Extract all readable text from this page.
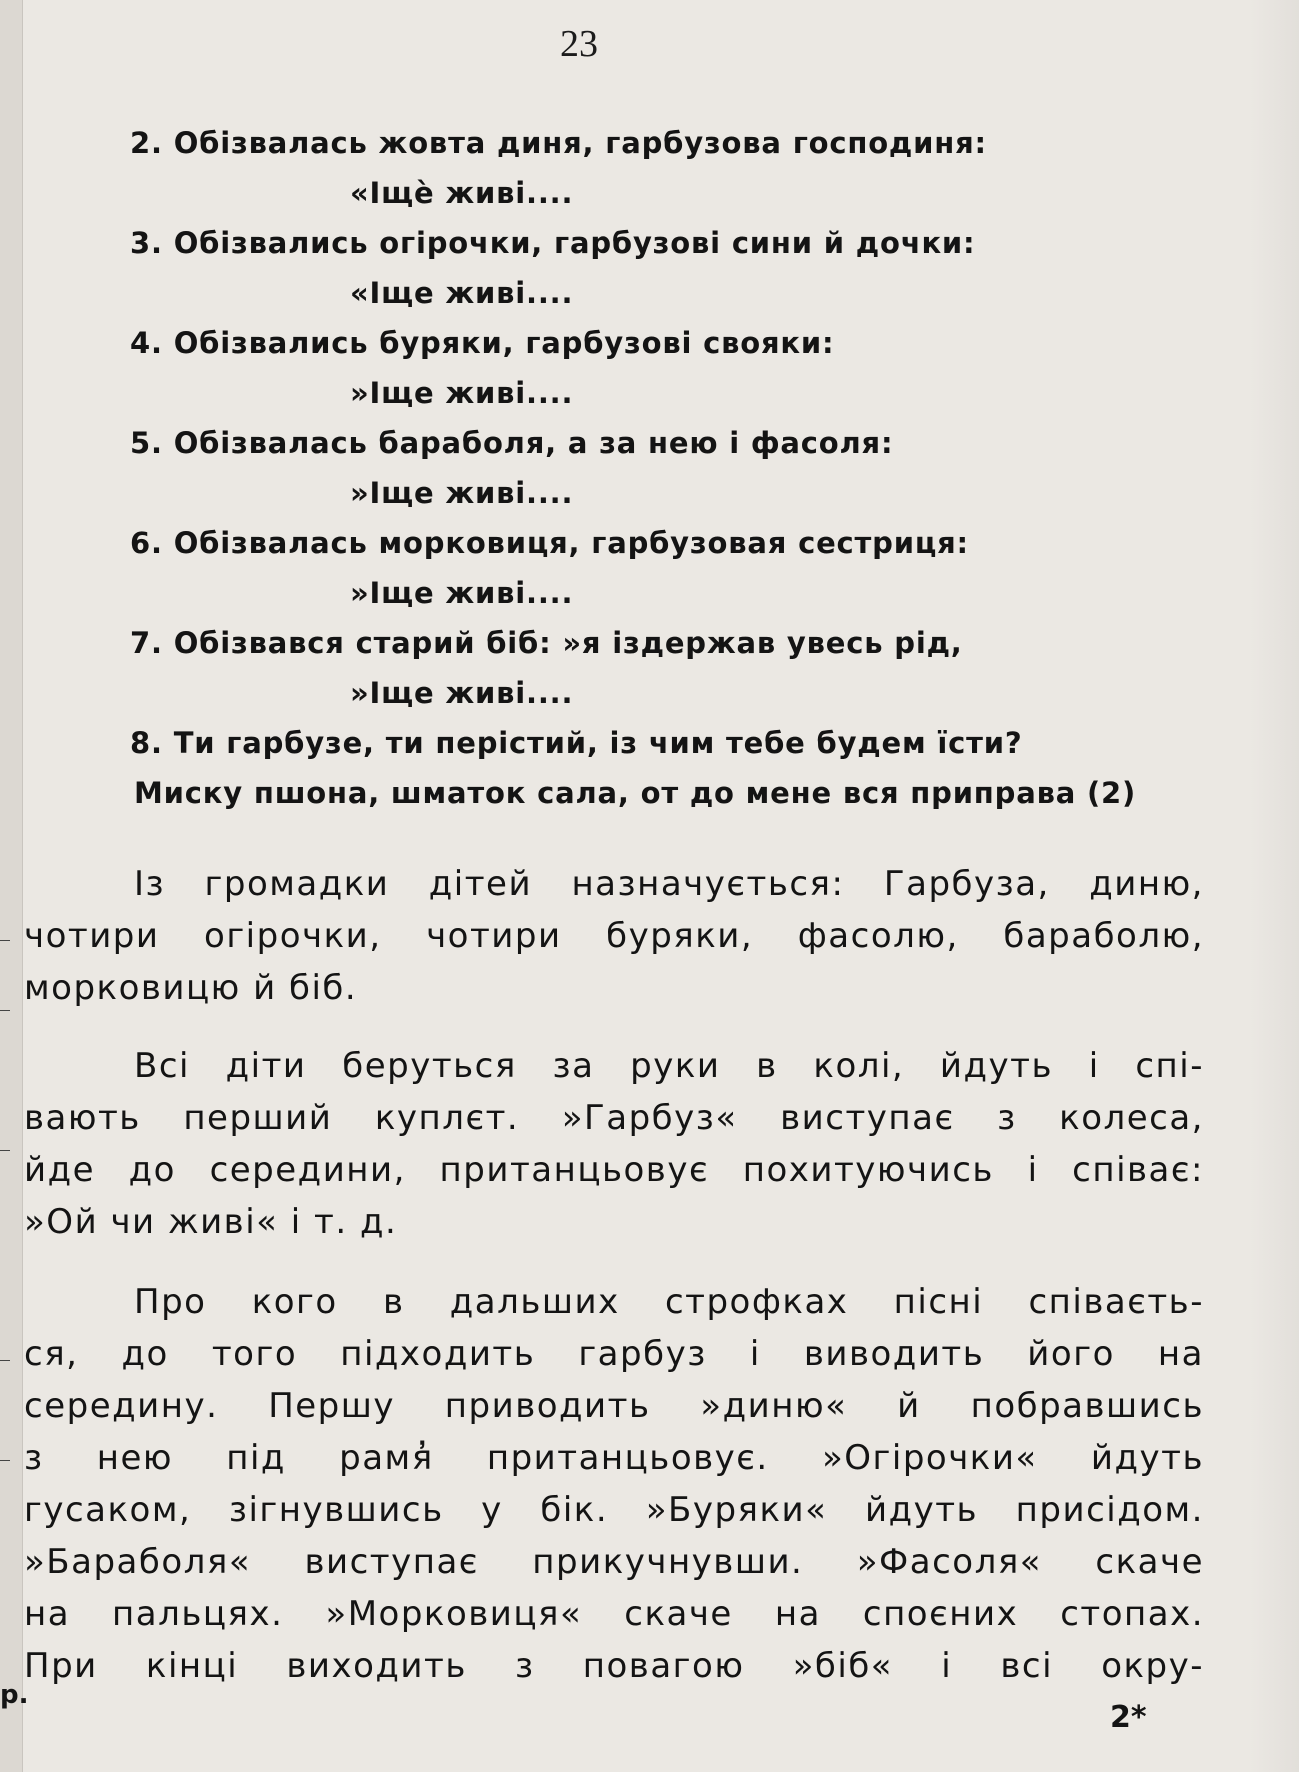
р.
23
2. Обізвалась жовта диня, гарбузова господиня:
«Іщѐ живі....
3. Обізвались огірочки, гарбузові сини й дочки:
«Іще живі....
4. Обізвались буряки, гарбузові свояки:
»Іще живі....
5. Обізвалась бараболя, а за нею і фасоля:
»Іще живі....
6. Обізвалась морковиця, гарбузовая сестриця:
»Іще живі....
7. Обізвався старий біб: »я іздержав увесь рід,
»Іще живі....
8. Ти гарбузе, ти перістий, із чим тебе будем їсти?
Миску пшона, шматок сала, от до мене вся приправа (2)
Із громадки дітей назначується: Гарбуза, диню,
чотири огірочки, чотири буряки, фасолю, бараболю,
морковицю й біб.
Всі діти беруться за руки в колі, йдуть і спі-
вають перший куплєт. »Гарбуз« виступає з колеса,
йде до середини, пританцьовує похитуючись і співає:
»Ой чи живі« і т. д.
Про кого в дальших строфках пісні співаєть-
ся, до того підходить гарбуз і виводить його на
середину. Першу приводить »диню« й побравшись
з нею під рамя̓ пританцьовує. »Огірочки« йдуть
гусаком, зігнувшись у бік. »Буряки« йдуть присідом.
»Бараболя« виступає прикучнувши. »Фасоля« скаче
на пальцях. »Морковиця« скаче на споєних стопах.
При кінці виходить з повагою »біб« і всі окру-
2*
